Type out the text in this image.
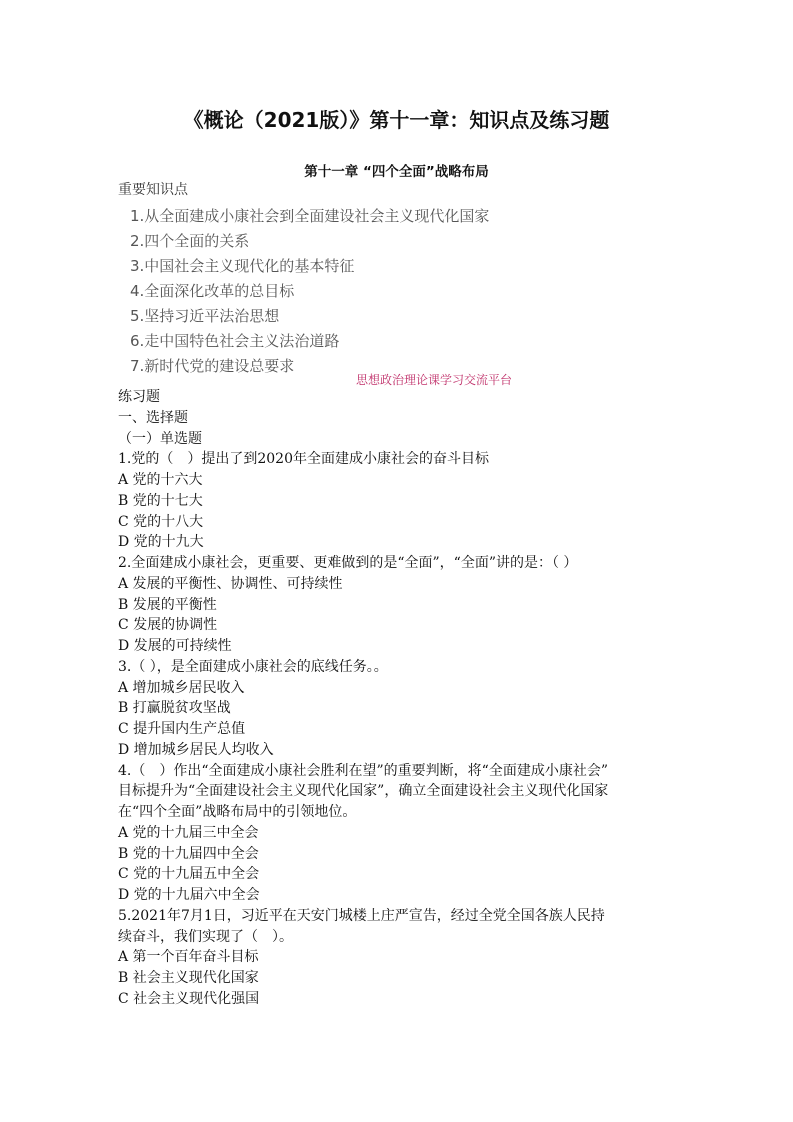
《概论（2021版）》第十一章：知识点及练习题
第十一章 “四个全面”战略布局
重要知识点
1.从全面建成小康社会到全面建设社会主义现代化国家
2.四个全面的关系
3.中国社会主义现代化的基本特征
4.全面深化改革的总目标
5.坚持习近平法治思想
6.走中国特色社会主义法治道路
7.新时代党的建设总要求
思想政治理论课学习交流平台
练习题
一、选择题
（一）单选题
1.党的（　）提出了到2020年全面建成小康社会的奋斗目标
A 党的十六大
B 党的十七大
C 党的十八大
D 党的十九大
2.全面建成小康社会，更重要、更难做到的是“全面”，“全面”讲的是：（ ）
A 发展的平衡性、协调性、可持续性
B 发展的平衡性
C 发展的协调性
D 发展的可持续性
3.（ ），是全面建成小康社会的底线任务。。
A 增加城乡居民收入
B 打赢脱贫攻坚战
C 提升国内生产总值
D 增加城乡居民人均收入
4.（　）作出“全面建成小康社会胜利在望”的重要判断，将“全面建成小康社会”
目标提升为“全面建设社会主义现代化国家”，确立全面建设社会主义现代化国家
在“四个全面”战略布局中的引领地位。
A 党的十九届三中全会
B 党的十九届四中全会
C 党的十九届五中全会
D 党的十九届六中全会
5.2021年7月1日，习近平在天安门城楼上庄严宣告，经过全党全国各族人民持
续奋斗，我们实现了（　）。
A 第一个百年奋斗目标
B 社会主义现代化国家
C 社会主义现代化强国
